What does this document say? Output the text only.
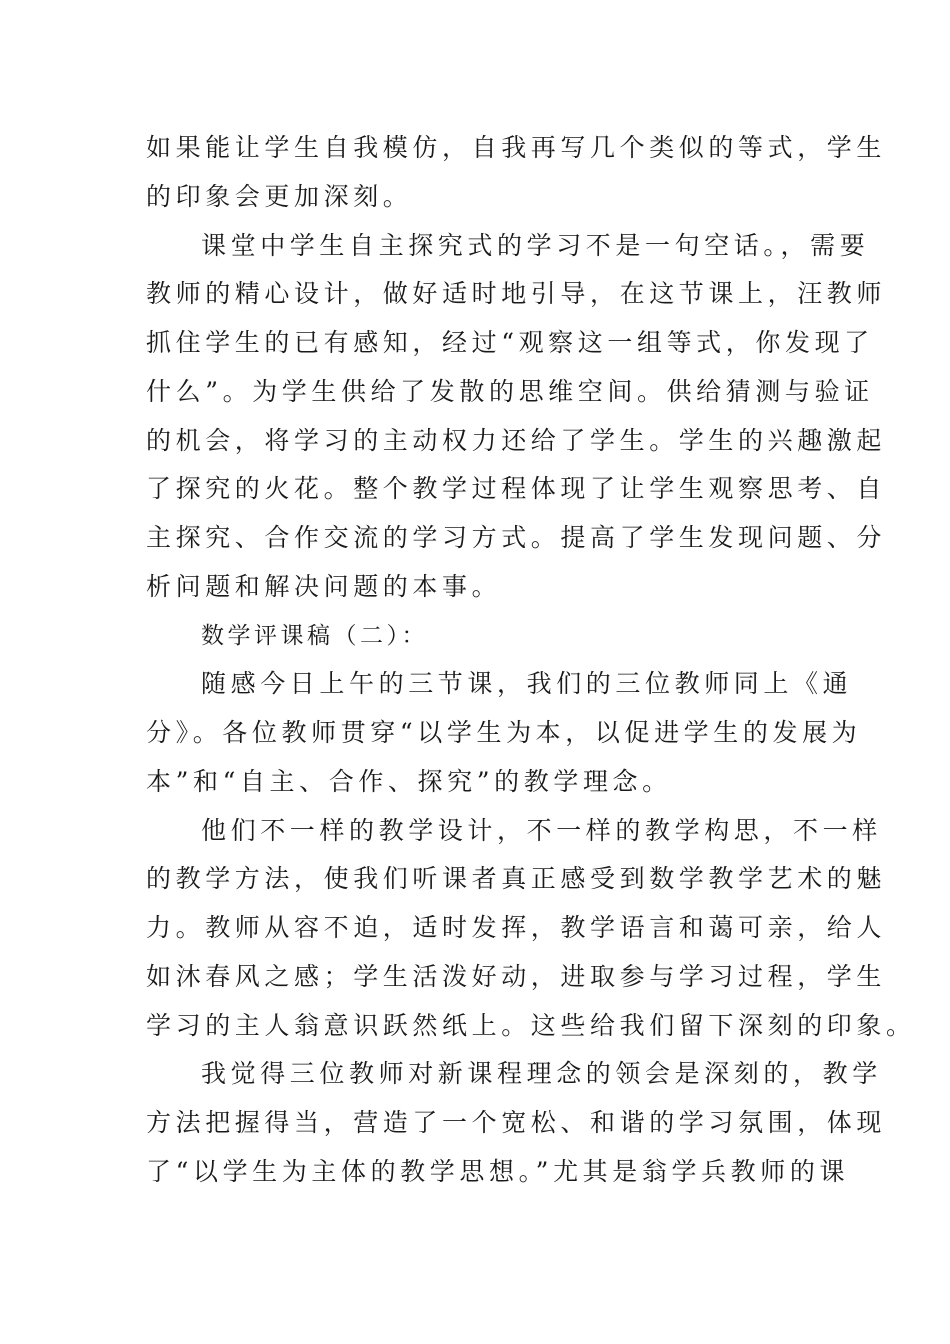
如果能让学生自我模仿，自我再写几个类似的等式，学生
的印象会更加深刻。
课堂中学生自主探究式的学习不是一句空话。，需要
教师的精心设计，做好适时地引导，在这节课上，汪教师
抓住学生的已有感知，经过“观察这一组等式，你发现了
什么”。为学生供给了发散的思维空间。供给猜测与验证
的机会，将学习的主动权力还给了学生。学生的兴趣激起
了探究的火花。整个教学过程体现了让学生观察思考、自
主探究、合作交流的学习方式。提高了学生发现问题、分
析问题和解决问题的本事。
数学评课稿（二）：
随感今日上午的三节课，我们的三位教师同上《通
分》。各位教师贯穿“以学生为本，以促进学生的发展为
本”和“自主、合作、探究”的教学理念。
他们不一样的教学设计，不一样的教学构思，不一样
的教学方法，使我们听课者真正感受到数学教学艺术的魅
力。教师从容不迫，适时发挥，教学语言和蔼可亲，给人
如沐春风之感；学生活泼好动，进取参与学习过程，学生
学习的主人翁意识跃然纸上。这些给我们留下深刻的印象。
我觉得三位教师对新课程理念的领会是深刻的，教学
方法把握得当，营造了一个宽松、和谐的学习氛围，体现
了“以学生为主体的教学思想。”尤其是翁学兵教师的课
